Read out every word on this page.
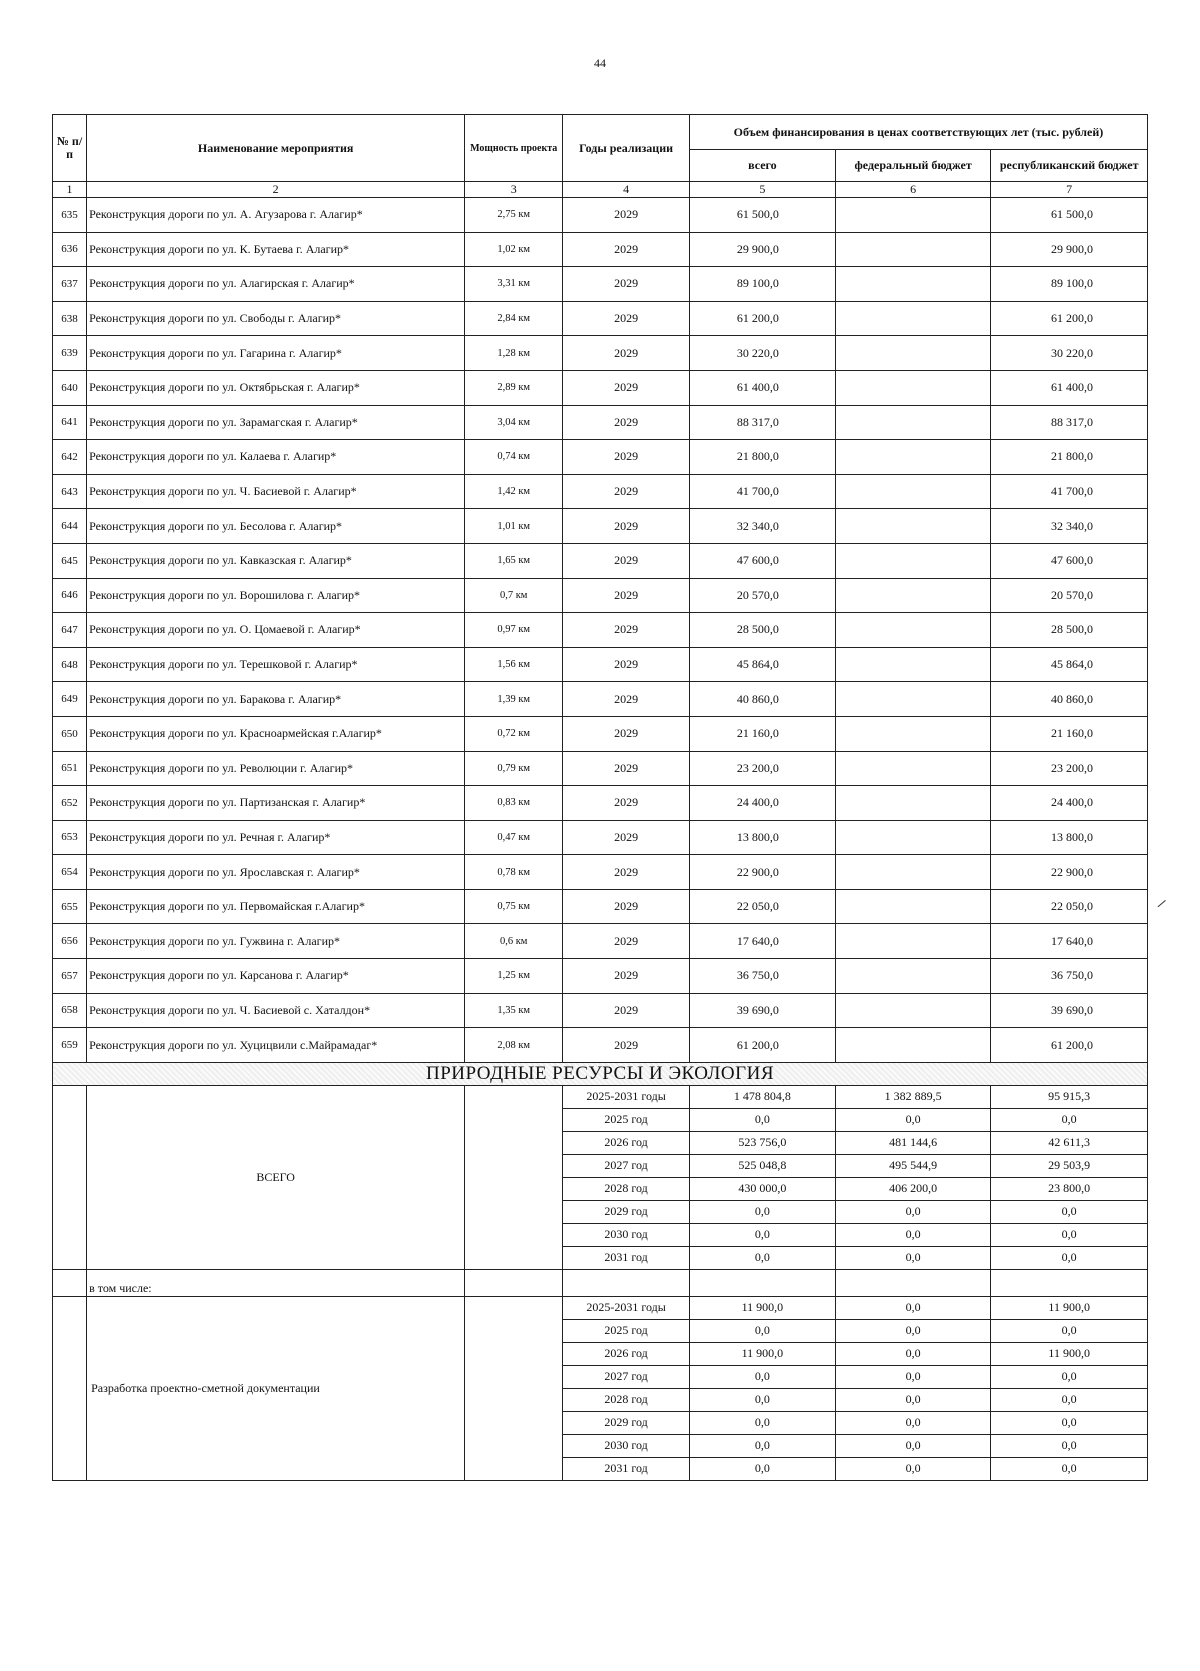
44
№ п/п	Наименование мероприятия	Мощность проекта	Годы реализации	Объем финансирования в ценах соответствующих лет (тыс. рублей)		
				всего	федеральный бюджет	республиканский бюджет
1	2	3	4	5	6	7
635	Реконструкция дороги по ул. А. Агузарова г. Алагир*	2,75 км	2029	61 500,0		61 500,0
636	Реконструкция дороги по ул. К. Бутаева г. Алагир*	1,02 км	2029	29 900,0		29 900,0
637	Реконструкция дороги по ул. Алагирская г. Алагир*	3,31 км	2029	89 100,0		89 100,0
638	Реконструкция дороги по ул. Свободы г. Алагир*	2,84 км	2029	61 200,0		61 200,0
639	Реконструкция дороги по ул. Гагарина г. Алагир*	1,28 км	2029	30 220,0		30 220,0
640	Реконструкция дороги по ул. Октябрьская г. Алагир*	2,89 км	2029	61 400,0		61 400,0
641	Реконструкция дороги по ул. Зарамагская г. Алагир*	3,04 км	2029	88 317,0		88 317,0
642	Реконструкция дороги по ул. Калаева г. Алагир*	0,74 км	2029	21 800,0		21 800,0
643	Реконструкция дороги по ул. Ч. Басиевой г. Алагир*	1,42 км	2029	41 700,0		41 700,0
644	Реконструкция дороги по ул. Бесолова г. Алагир*	1,01 км	2029	32 340,0		32 340,0
645	Реконструкция дороги по ул. Кавказская г. Алагир*	1,65 км	2029	47 600,0		47 600,0
646	Реконструкция дороги по ул. Ворошилова г. Алагир*	0,7 км	2029	20 570,0		20 570,0
647	Реконструкция дороги по ул. О. Цомаевой г. Алагир*	0,97 км	2029	28 500,0		28 500,0
648	Реконструкция дороги по ул. Терешковой г. Алагир*	1,56 км	2029	45 864,0		45 864,0
649	Реконструкция дороги по ул. Баракова г. Алагир*	1,39 км	2029	40 860,0		40 860,0
650	Реконструкция дороги по ул. Красноармейская г.Алагир*	0,72 км	2029	21 160,0		21 160,0
651	Реконструкция дороги по ул. Революции г. Алагир*	0,79 км	2029	23 200,0		23 200,0
652	Реконструкция дороги по ул. Партизанская г. Алагир*	0,83 км	2029	24 400,0		24 400,0
653	Реконструкция дороги по ул. Речная г. Алагир*	0,47 км	2029	13 800,0		13 800,0
654	Реконструкция дороги по ул. Ярославская г. Алагир*	0,78 км	2029	22 900,0		22 900,0
655	Реконструкция дороги по ул. Первомайская г.Алагир*	0,75 км	2029	22 050,0		22 050,0
656	Реконструкция дороги по ул. Гужвина г. Алагир*	0,6 км	2029	17 640,0		17 640,0
657	Реконструкция дороги по ул. Карсанова г. Алагир*	1,25 км	2029	36 750,0		36 750,0
658	Реконструкция дороги по ул. Ч. Басиевой с. Хаталдон*	1,35 км	2029	39 690,0		39 690,0
659	Реконструкция дороги по ул. Хуцицвили с.Майрамадаг*	2,08 км	2029	61 200,0		61 200,0
ПРИРОДНЫЕ РЕСУРСЫ И ЭКОЛОГИЯ						
	ВСЕГО		2025-2031 годы	1 478 804,8	1 382 889,5	95 915,3
			2025 год	0,0	0,0	0,0
			2026 год	523 756,0	481 144,6	42 611,3
			2027 год	525 048,8	495 544,9	29 503,9
			2028 год	430 000,0	406 200,0	23 800,0
			2029 год	0,0	0,0	0,0
			2030 год	0,0	0,0	0,0
			2031 год	0,0	0,0	0,0
	в том числе:					
	Разработка проектно-сметной документации		2025-2031 годы	11 900,0	0,0	11 900,0
			2025 год	0,0	0,0	0,0
			2026 год	11 900,0	0,0	11 900,0
			2027 год	0,0	0,0	0,0
			2028 год	0,0	0,0	0,0
			2029 год	0,0	0,0	0,0
			2030 год	0,0	0,0	0,0
			2031 год	0,0	0,0	0,0
